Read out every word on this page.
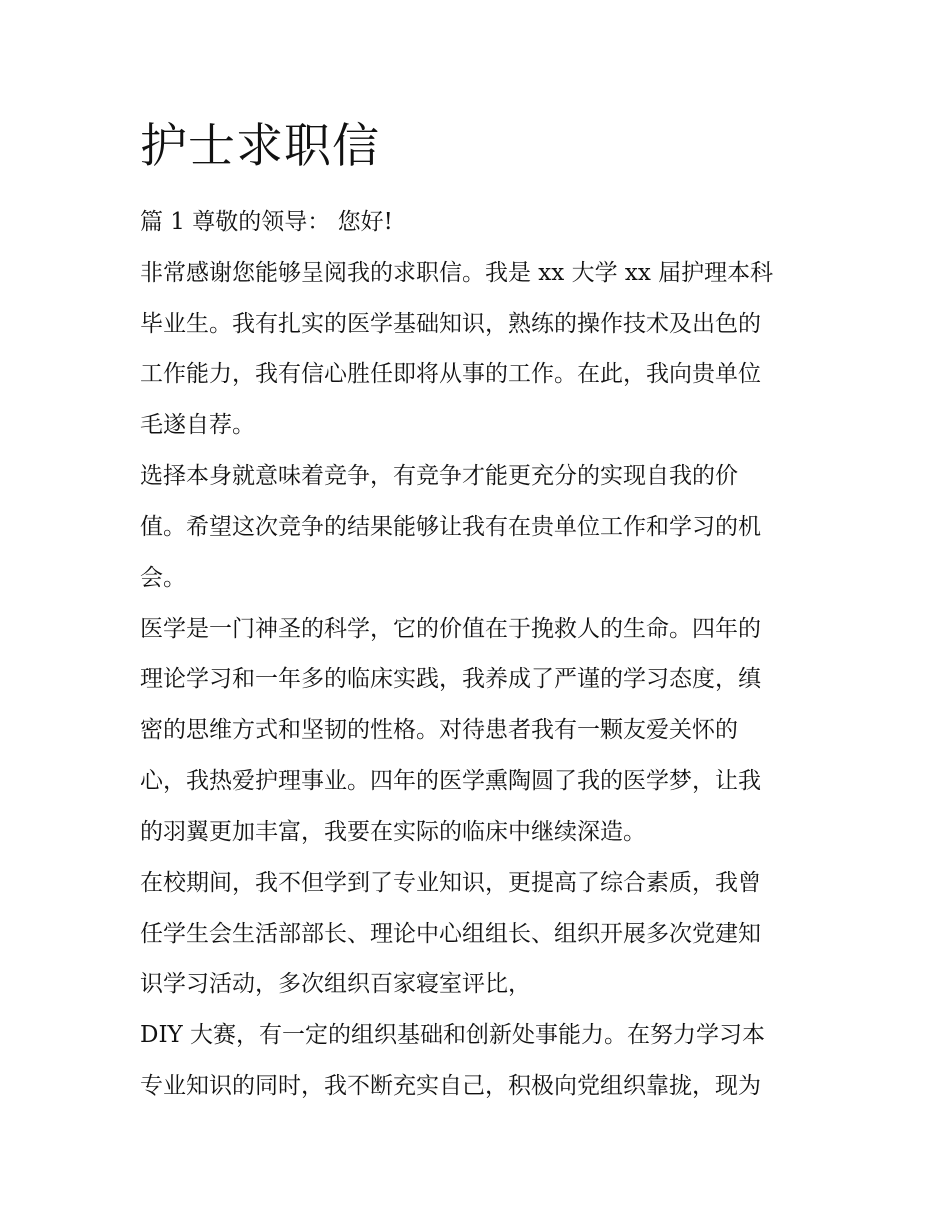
护士求职信

篇 1 尊敬的领导： 您好!

非常感谢您能够呈阅我的求职信。我是 xx 大学 xx 届护理本科

毕业生。我有扎实的医学基础知识，熟练的操作技术及出色的

工作能力，我有信心胜任即将从事的工作。在此，我向贵单位

毛遂自荐。

选择本身就意味着竞争，有竞争才能更充分的实现自我的价

值。希望这次竞争的结果能够让我有在贵单位工作和学习的机

会。

医学是一门神圣的科学，它的价值在于挽救人的生命。四年的

理论学习和一年多的临床实践，我养成了严谨的学习态度，缜

密的思维方式和坚韧的性格。对待患者我有一颗友爱关怀的

心，我热爱护理事业。四年的医学熏陶圆了我的医学梦，让我

的羽翼更加丰富，我要在实际的临床中继续深造。

在校期间，我不但学到了专业知识，更提高了综合素质，我曾

任学生会生活部部长、理论中心组组长、组织开展多次党建知

识学习活动，多次组织百家寝室评比，

DIY 大赛，有一定的组织基础和创新处事能力。在努力学习本

专业知识的同时，我不断充实自己，积极向党组织靠拢，现为
